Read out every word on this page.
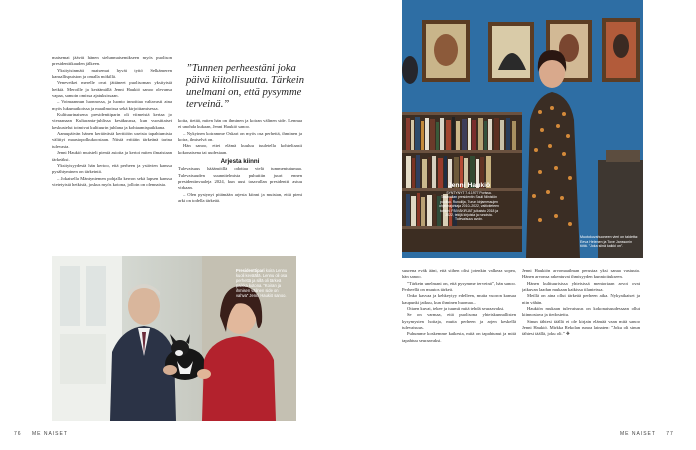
maisemat jäävät hänen sielunmaisemikseen myös puolison presidenttikauden jälkeen.

Yksityisinmäti maisemat hyvät tyttö Selkämeren kansallispuiston ja omalla mökillä.

Venevetkei merelle ovat jättäneet puolisoman yksityistä hetkiä. Meroille ja keräämällä Jenni Haukiö sanoo olevansa vapaa, samoin omissa ajatuksissaan.

– Voimaannun luonnossa, ja luonto innoittaa valtavasti aina myös lukumatkoissa ja maailmoissa sekä kirjoittamisessa.

Kulttuurinaisena presidenttiparin oli viimeistä kertaa jo vieraanaan Kultaranta-juhlissa kesäkuussa, kun vuosittaiset keskustelut toimivat kulttuurin juhlana ja kohtaamispaikkana.

Aamupäivän hänen keräävästä kerttiöön useista tapahtumista välittyi maastopolkukoostaan. Niistä erittäin tärkeänä tarina tulevasta.

Jenni Haukiö muisteli pieniä asioita ja kertoi miten ilmaistaan tärkeäksi.

Yksityisyydestä hän kertoo, että perheen ja ystävien kanssa pysähtyminen on tärkeintä.

– Jokaisella Mäntyniemen pohjalla kerron sekä lapsen kanssa vietetyistä hetkistä, joskus myös kotona, jolloin on olennaista.

”Tunnen perheestäni joka päivä kiitollisuutta. Tärkein unelmani on, että pysymme terveinä.”

koita, tietää, miten hän on ihminen ja koiran välinen side. Lennua ei unohda kukaan, Jenni Haukiö sanoo.

– Nykyinen koiramme Oskari on myös osa perhettä, ihminen ja koira, ilmiselvä on.

Hän sanoo, ettei elämä kuuluu tuuletella kohteliaasti kokonaisena tai uudestaan.

Arjesta kiinni

Tulevaisuus hääämöillä odottaa vielä tummentutumaa. Tulevaisuuden suunnitelmista puhuttiin juuri ennen presidentinvaaleja 2024, kun uusi tasavallan presidentti astuu virkaan.

– Olen pystynyt pitämään arjesta kiinni ja muistan, että pieni arki on todella tärkeää.

Presidenttipari koira Lennu kuoli keväällä. Lennu oli osa perhettä ja sillä oli tärkeä paikka kotona. ”Koiran ja ihmisen välinen side on vahva” Jenni Haukiö sanoo.
76 ME NAISET
Jenni Haukiö
SYNTYNYT 7.4.1977 Porissa. Tasavallan presidentin Sauli Niinistön puoliso. Runoilija, Turun kirjamessujen ohjelmajohtaja 2010–2022, valtiotieteen tohtori. PÄIVÄKIRJAT julkaistu 2018 ja 2022, tekijä kirjoista ja runoista. Tulevaisuus avoin.
Muotokuvahuoneen vieri on taidetta: Eeva Helenen ja Tove Janssonin töitä. ”Joka siinä kaikki on”.

suurena eväk ääni, että siihen olisi jotenkin valkeaa sopea, hän sanoo.

”Tärkein unelmani on, että pysymme terveinä”, hän sanoo. Perheellä on muutos tärkeä.

Onko kasvaa ja kehkeytyy edelleen, mutta vuoron kansaa kaupunki jatkuu, kun ihminen huomaa...

Ottaen kuvat, tekee ja tuumii mitä tehdä seuraavaksi.

Se on varmaa, että puolisona yhteiskunnallisten kysymysten hoitaja, mutta perheen ja arjen keskellä tulevaisuus.

Puhumme koskemme kaikesta, mitä on tapahtunut ja mitä tapahtuu seuraavaksi.

Jenni Haukiön arvomaailman perustaa yksi sanaa vastuuta. Hänen arvonsa rakentuvat ihmisyyden kunnioitukseen.

Hänen kulttuurisissa yhteisissä mentoriaan arvot ovat jatkuvan laadun mukaan kaikissa tilanteissa.

Meillä on aina ollut tärkeää perheen aika. Nykyaikaiset ja niin vähän.

Haukiön mukaan tulevaisuus on kokonaisuudessaan ollut kiinnostava ja tiedostettu.

Sinun tähtesi täällä ei ole kirjain elämää vaan mitä sanoo Jenni Haukiö. Mirkka Rekolan runoa lainaten: ”Joku oli sinun tähtesi täällä, joku oli.” ❖

ME NAISET 77
